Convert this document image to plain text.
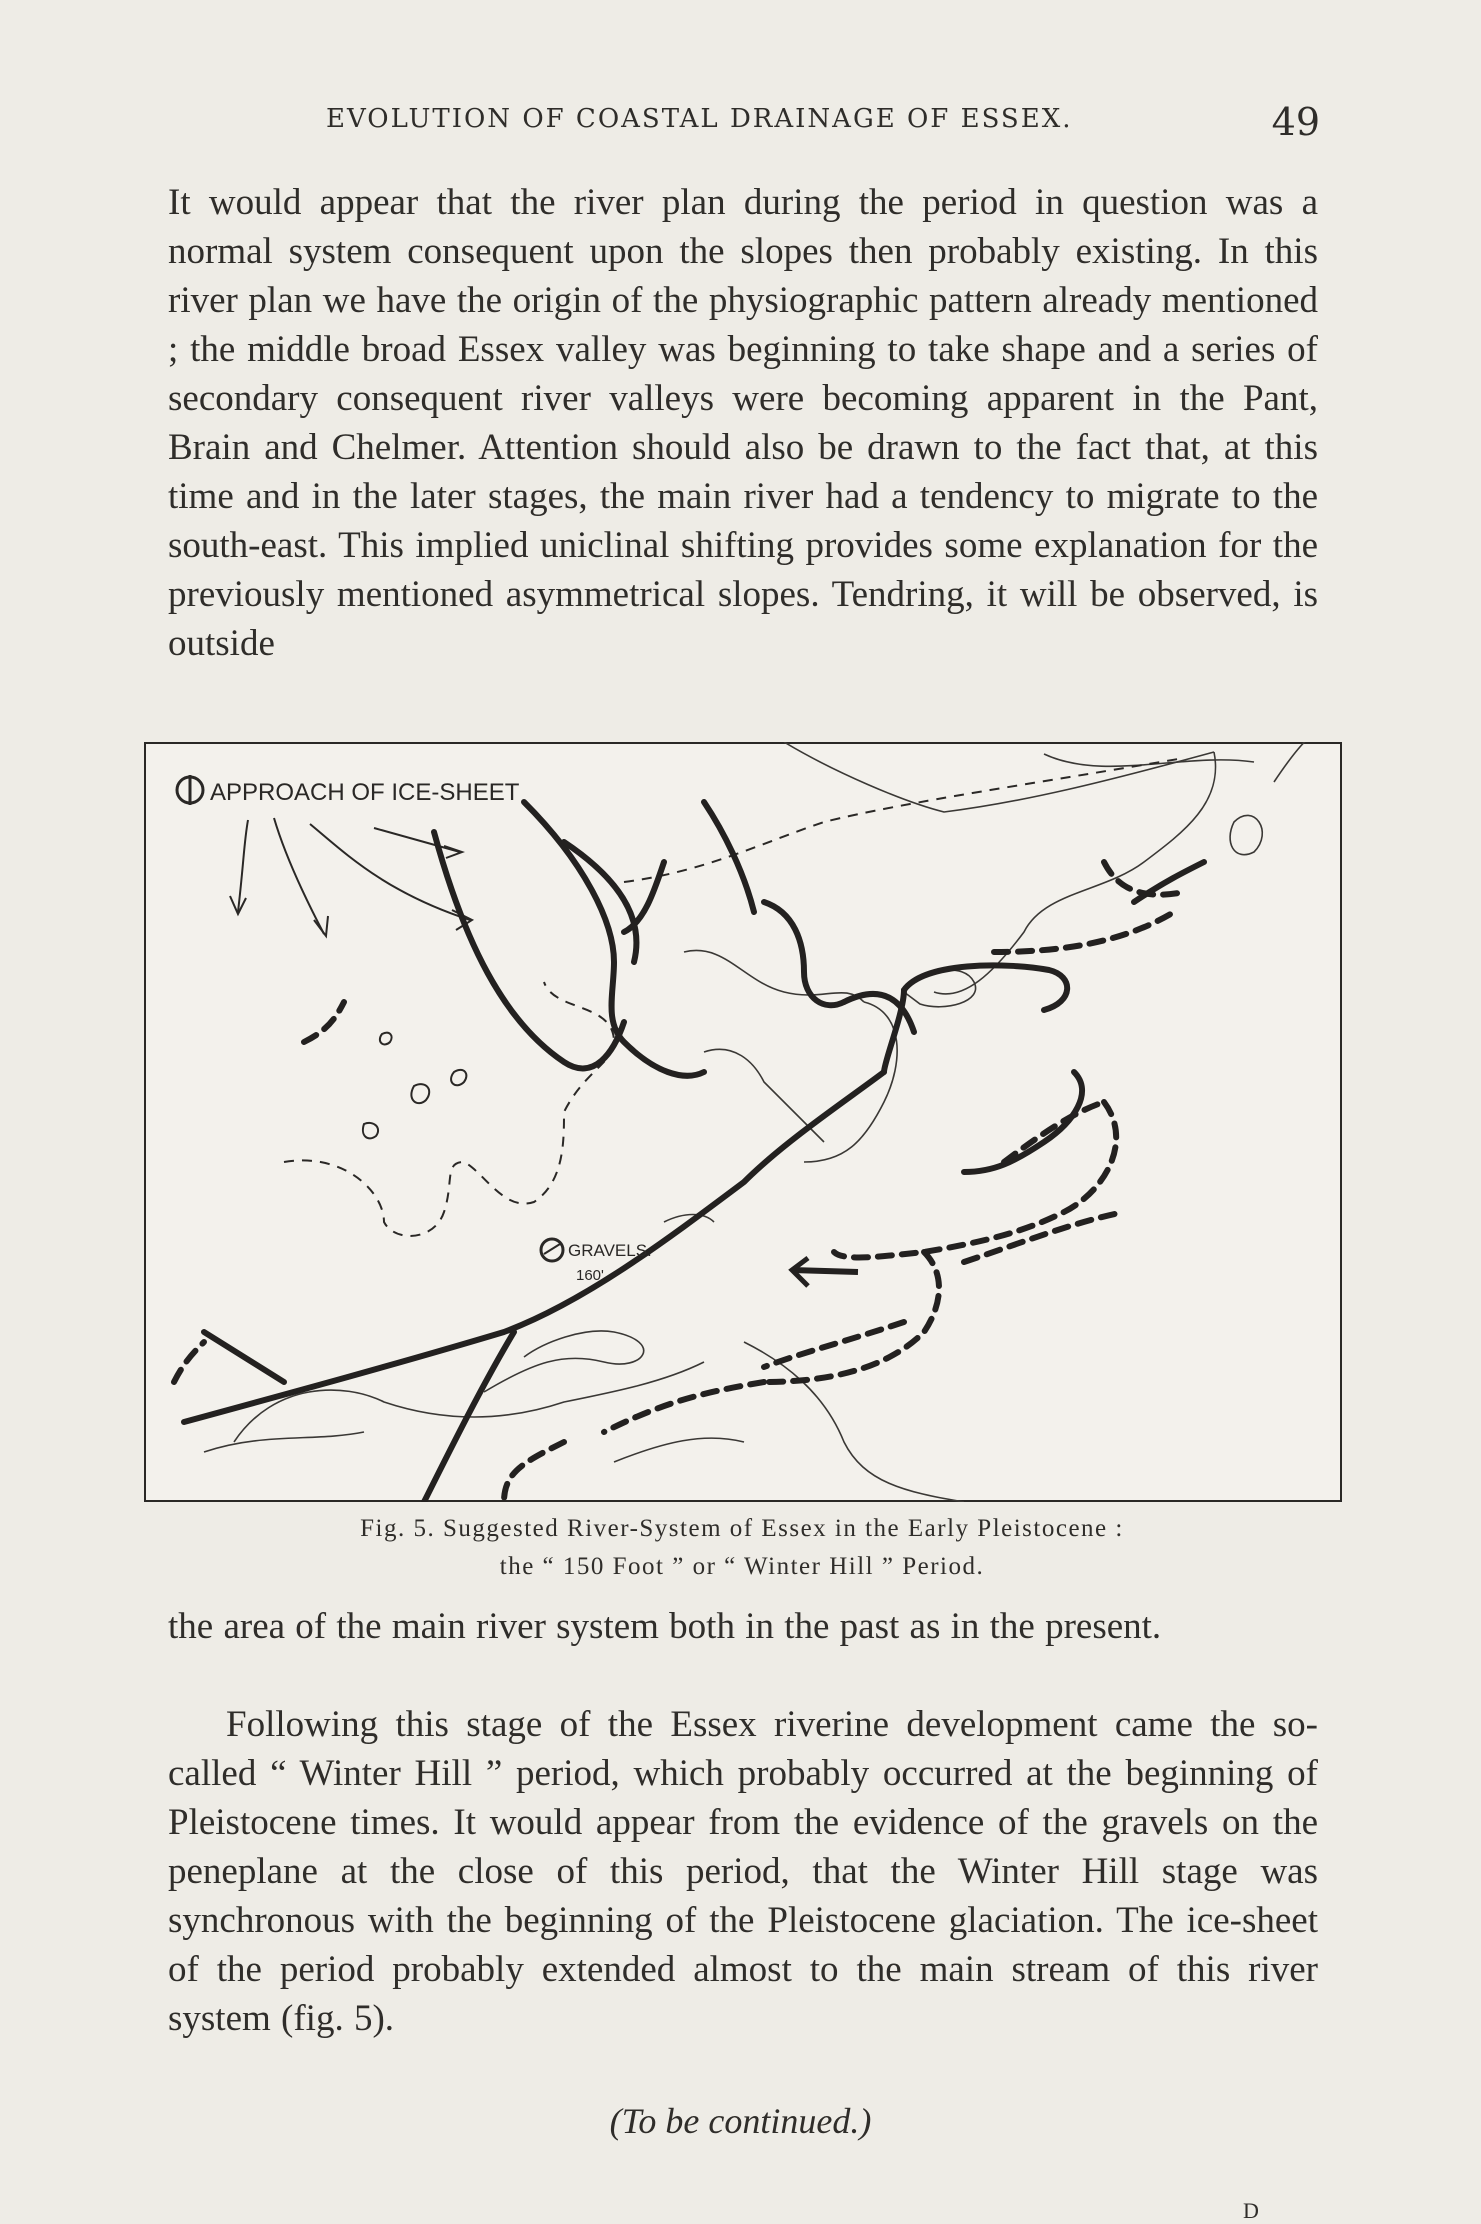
EVOLUTION OF COASTAL DRAINAGE OF ESSEX.	49

It would appear that the river plan during the period in question was a normal system consequent upon the slopes then probably existing. In this river plan we have the origin of the physiographic pattern already mentioned ; the middle broad Essex valley was beginning to take shape and a series of secondary consequent river valleys were becoming apparent in the Pant, Brain and Chelmer. Attention should also be drawn to the fact that, at this time and in the later stages, the main river had a tendency to migrate to the south-east. This implied uniclinal shifting provides some explanation for the previously mentioned asymmetrical slopes. Tendring, it will be observed, is outside

APPROACH OF ICE-SHEET
GRAVELS.
160'
Fig. 5. Suggested River-System of Essex in the Early Pleistocene :
the “ 150 Foot ” or “ Winter Hill ” Period.

the area of the main river system both in the past as in the present.

Following this stage of the Essex riverine development came the so-called “ Winter Hill ” period, which probably occurred at the beginning of Pleistocene times. It would appear from the evidence of the gravels on the peneplane at the close of this period, that the Winter Hill stage was synchronous with the beginning of the Pleistocene glaciation. The ice-sheet of the period probably extended almost to the main stream of this river system (fig. 5).

(To be continued.)
D
